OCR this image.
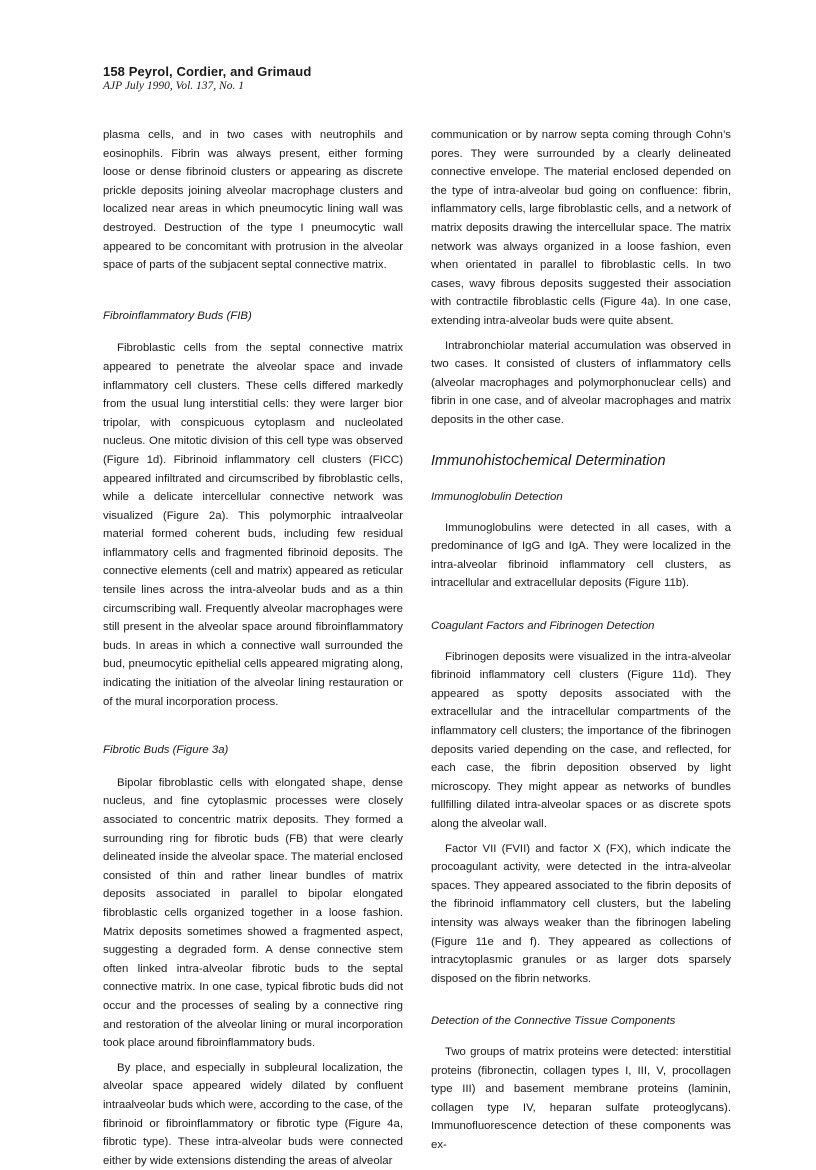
158 Peyrol, Cordier, and Grimaud
AJP July 1990, Vol. 137, No. 1

plasma cells, and in two cases with neutrophils and eosinophils. Fibrin was always present, either forming loose or dense fibrinoid clusters or appearing as discrete prickle deposits joining alveolar macrophage clusters and localized near areas in which pneumocytic lining wall was destroyed. Destruction of the type I pneumocytic wall appeared to be concomitant with protrusion in the alveolar space of parts of the subjacent septal connective matrix.

Fibroinflammatory Buds (FIB)

Fibroblastic cells from the septal connective matrix appeared to penetrate the alveolar space and invade inflammatory cell clusters. These cells differed markedly from the usual lung interstitial cells: they were larger bior tripolar, with conspicuous cytoplasm and nucleolated nucleus. One mitotic division of this cell type was observed (Figure 1d). Fibrinoid inflammatory cell clusters (FICC) appeared infiltrated and circumscribed by fibroblastic cells, while a delicate intercellular connective network was visualized (Figure 2a). This polymorphic intraalveolar material formed coherent buds, including few residual inflammatory cells and fragmented fibrinoid deposits. The connective elements (cell and matrix) appeared as reticular tensile lines across the intra-alveolar buds and as a thin circumscribing wall. Frequently alveolar macrophages were still present in the alveolar space around fibroinflammatory buds. In areas in which a connective wall surrounded the bud, pneumocytic epithelial cells appeared migrating along, indicating the initiation of the alveolar lining restauration or of the mural incorporation process.

Fibrotic Buds (Figure 3a)

Bipolar fibroblastic cells with elongated shape, dense nucleus, and fine cytoplasmic processes were closely associated to concentric matrix deposits. They formed a surrounding ring for fibrotic buds (FB) that were clearly delineated inside the alveolar space. The material enclosed consisted of thin and rather linear bundles of matrix deposits associated in parallel to bipolar elongated fibroblastic cells organized together in a loose fashion. Matrix deposits sometimes showed a fragmented aspect, suggesting a degraded form. A dense connective stem often linked intra-alveolar fibrotic buds to the septal connective matrix. In one case, typical fibrotic buds did not occur and the processes of sealing by a connective ring and restoration of the alveolar lining or mural incorporation took place around fibroinflammatory buds.

By place, and especially in subpleural localization, the alveolar space appeared widely dilated by confluent intraalveolar buds which were, according to the case, of the fibrinoid or fibroinflammatory or fibrotic type (Figure 4a, fibrotic type). These intra-alveolar buds were connected either by wide extensions distending the areas of alveolar

communication or by narrow septa coming through Cohn’s pores. They were surrounded by a clearly delineated connective envelope. The material enclosed depended on the type of intra-alveolar bud going on confluence: fibrin, inflammatory cells, large fibroblastic cells, and a network of matrix deposits drawing the intercellular space. The matrix network was always organized in a loose fashion, even when orientated in parallel to fibroblastic cells. In two cases, wavy fibrous deposits suggested their association with contractile fibroblastic cells (Figure 4a). In one case, extending intra-alveolar buds were quite absent.

Intrabronchiolar material accumulation was observed in two cases. It consisted of clusters of inflammatory cells (alveolar macrophages and polymorphonuclear cells) and fibrin in one case, and of alveolar macrophages and matrix deposits in the other case.

Immunohistochemical Determination

Immunoglobulin Detection

Immunoglobulins were detected in all cases, with a predominance of IgG and IgA. They were localized in the intra-alveolar fibrinoid inflammatory cell clusters, as intracellular and extracellular deposits (Figure 11b).

Coagulant Factors and Fibrinogen Detection

Fibrinogen deposits were visualized in the intra-alveolar fibrinoid inflammatory cell clusters (Figure 11d). They appeared as spotty deposits associated with the extracellular and the intracellular compartments of the inflammatory cell clusters; the importance of the fibrinogen deposits varied depending on the case, and reflected, for each case, the fibrin deposition observed by light microscopy. They might appear as networks of bundles fullfilling dilated intra-alveolar spaces or as discrete spots along the alveolar wall.

Factor VII (FVII) and factor X (FX), which indicate the procoagulant activity, were detected in the intra-alveolar spaces. They appeared associated to the fibrin deposits of the fibrinoid inflammatory cell clusters, but the labeling intensity was always weaker than the fibrinogen labeling (Figure 11e and f). They appeared as collections of intracytoplasmic granules or as larger dots sparsely disposed on the fibrin networks.

Detection of the Connective Tissue Components

Two groups of matrix proteins were detected: interstitial proteins (fibronectin, collagen types I, III, V, procollagen type III) and basement membrane proteins (laminin, collagen type IV, heparan sulfate proteoglycans). Immunofluorescence detection of these components was ex-
